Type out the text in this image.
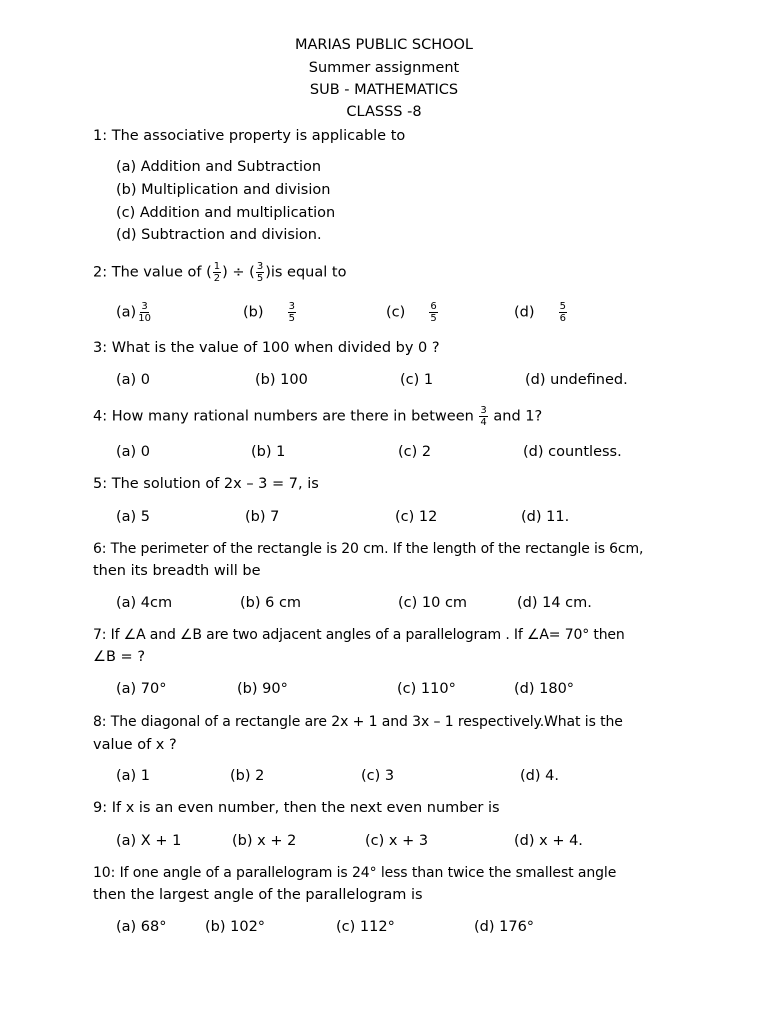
MARIAS PUBLIC SCHOOL
Summer assignment
SUB - MATHEMATICS
CLASSS -8
1: The associative property is applicable to
(a) Addition and Subtraction
(b) Multiplication and division
(c) Addition and multiplication
(d) Subtraction and division.
2: The value of ( $\frac{1}{2}$ ) ÷ ( $\frac{3}{5} )is$ equal to
$(a) \frac{3}{10}$	$(b) \frac{3}{5}$	$(c) \frac{6}{5}$	$(d) \frac{5}{6}$
3: What is the value of 100 when divided by 0 ?
(a) 0	(b) 100	(c) 1	(d) undefined.
4: How many rational numbers are there in between $\frac{3}{4}$ and 1?
(a) 0	(b) 1	(c) 2	(d) countless.
5: The solution of 2x – 3 = 7, is
(a) 5	(b) 7	(c) 12	(d) 11.
6: The perimeter of the rectangle is 20 cm. If the length of the rectangle is 6cm,
then its breadth will be
(a) 4cm	(b) 6 cm	(c) 10 cm	(d) 14 cm.
7: If ∠A and ∠B are two adjacent angles of a parallelogram . If ∠A= 70° then
∠B = ?
(a) 70°	(b) 90°	(c) 110°	(d) 180°
8: The diagonal of a rectangle are 2x + 1 and 3x – 1 respectively.What is the
value of x ?
(a) 1	(b) 2	(c) 3	(d) 4.
9: If x is an even number, then the next even number is
(a) X + 1	(b) x + 2	(c) x + 3	(d) x + 4.
10: If one angle of a parallelogram is 24° less than twice the smallest angle
then the largest angle of the parallelogram is
(a) 68°	(b) 102°	(c) 112°	(d) 176°
